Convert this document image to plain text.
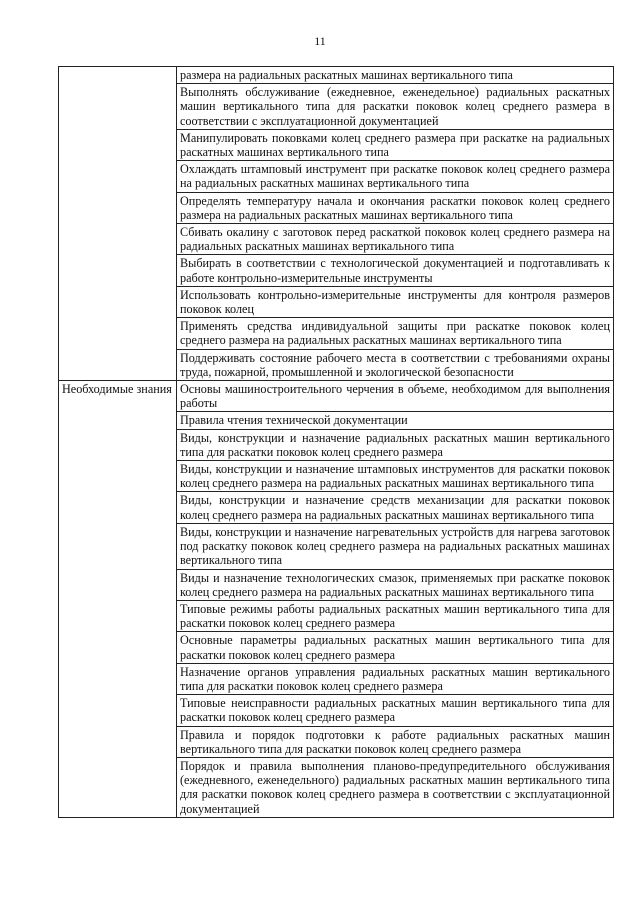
11
	размера на радиальных раскатных машинах вертикального типа
	Выполнять обслуживание (ежедневное, еженедельное) радиальных раскатных машин вертикального типа для раскатки поковок колец среднего размера в соответствии с эксплуатационной документацией
	Манипулировать поковками колец среднего размера при раскатке на радиальных раскатных машинах вертикального типа
	Охлаждать штамповый инструмент при раскатке поковок колец среднего размера на радиальных раскатных машинах вертикального типа
	Определять температуру начала и окончания раскатки поковок колец среднего размера на радиальных раскатных машинах вертикального типа
	Сбивать окалину с заготовок перед раскаткой поковок колец среднего размера на радиальных раскатных машинах вертикального типа
	Выбирать в соответствии с технологической документацией и подготавливать к работе контрольно-измерительные инструменты
	Использовать контрольно-измерительные инструменты для контроля размеров поковок колец
	Применять средства индивидуальной защиты при раскатке поковок колец среднего размера на радиальных раскатных машинах вертикального типа
	Поддерживать состояние рабочего места в соответствии с требованиями охраны труда, пожарной, промышленной и экологической безопасности

Необходимые знания	Основы машиностроительного черчения в объеме, необходимом для выполнения работы
	Правила чтения технической документации
	Виды, конструкции и назначение радиальных раскатных машин вертикального типа для раскатки поковок колец среднего размера
	Виды, конструкции и назначение штамповых инструментов для раскатки поковок колец среднего размера на радиальных раскатных машинах вертикального типа
	Виды, конструкции и назначение средств механизации для раскатки поковок колец среднего размера на радиальных раскатных машинах вертикального типа
	Виды, конструкции и назначение нагревательных устройств для нагрева заготовок под раскатку поковок колец среднего размера на радиальных раскатных машинах вертикального типа
	Виды и назначение технологических смазок, применяемых при раскатке поковок колец среднего размера на радиальных раскатных машинах вертикального типа
	Типовые режимы работы радиальных раскатных машин вертикального типа для раскатки поковок колец среднего размера
	Основные параметры радиальных раскатных машин вертикального типа для раскатки поковок колец среднего размера
	Назначение органов управления радиальных раскатных машин вертикального типа для раскатки поковок колец среднего размера
	Типовые неисправности радиальных раскатных машин вертикального типа для раскатки поковок колец среднего размера
	Правила и порядок подготовки к работе радиальных раскатных машин вертикального типа для раскатки поковок колец среднего размера
	Порядок и правила выполнения планово-предупредительного обслуживания (ежедневного, еженедельного) радиальных раскатных машин вертикального типа для раскатки поковок колец среднего размера в соответствии с эксплуатационной документацией
